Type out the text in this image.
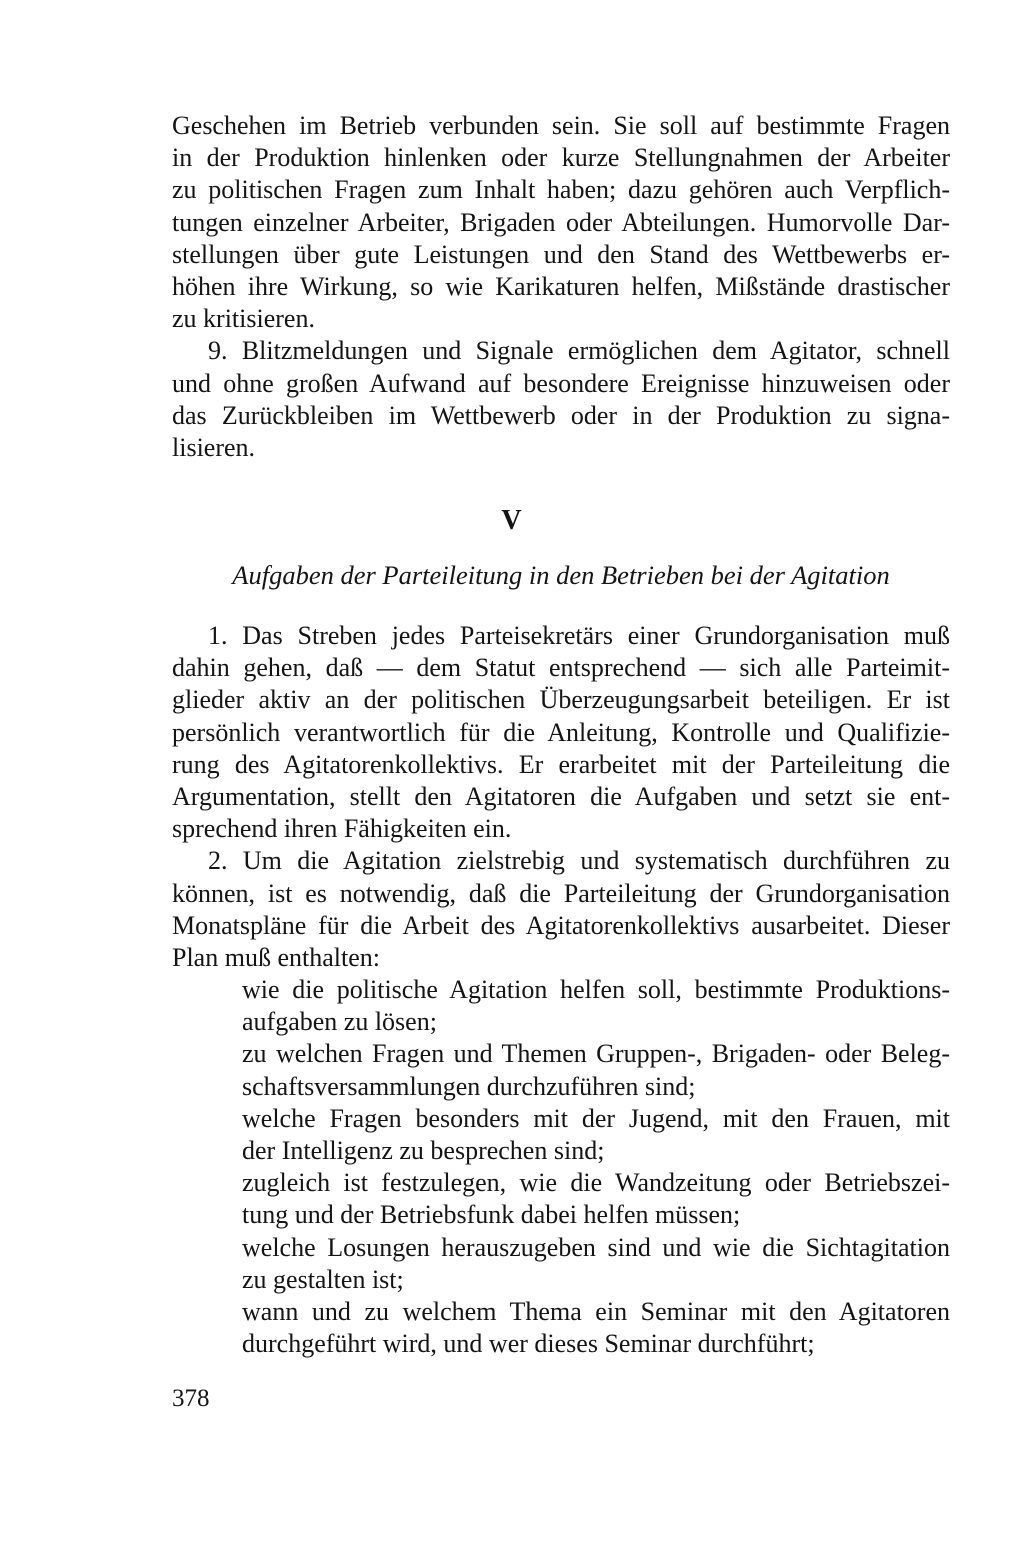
Geschehen im Betrieb verbunden sein. Sie soll auf bestimmte Fragen
in der Produktion hinlenken oder kurze Stellungnahmen der Arbeiter
zu politischen Fragen zum Inhalt haben; dazu gehören auch Verpflich-
tungen einzelner Arbeiter, Brigaden oder Abteilungen. Humorvolle Dar-
stellungen über gute Leistungen und den Stand des Wettbewerbs er-
höhen ihre Wirkung, so wie Karikaturen helfen, Mißstände drastischer
zu kritisieren.
9. Blitzmeldungen und Signale ermöglichen dem Agitator, schnell
und ohne großen Aufwand auf besondere Ereignisse hinzuweisen oder
das Zurückbleiben im Wettbewerb oder in der Produktion zu signa-
lisieren.
V
Aufgaben der Parteileitung in den Betrieben bei der Agitation
1. Das Streben jedes Parteisekretärs einer Grundorganisation muß
dahin gehen, daß — dem Statut entsprechend — sich alle Parteimit-
glieder aktiv an der politischen Überzeugungsarbeit beteiligen. Er ist
persönlich verantwortlich für die Anleitung, Kontrolle und Qualifizie-
rung des Agitatorenkollektivs. Er erarbeitet mit der Parteileitung die
Argumentation, stellt den Agitatoren die Aufgaben und setzt sie ent-
sprechend ihren Fähigkeiten ein.
2. Um die Agitation zielstrebig und systematisch durchführen zu
können, ist es notwendig, daß die Parteileitung der Grundorganisation
Monatspläne für die Arbeit des Agitatorenkollektivs ausarbeitet. Dieser
Plan muß enthalten:
wie die politische Agitation helfen soll, bestimmte Produktions-
aufgaben zu lösen;
zu welchen Fragen und Themen Gruppen-, Brigaden- oder Beleg-
schaftsversammlungen durchzuführen sind;
welche Fragen besonders mit der Jugend, mit den Frauen, mit
der Intelligenz zu besprechen sind;
zugleich ist festzulegen, wie die Wandzeitung oder Betriebszei-
tung und der Betriebsfunk dabei helfen müssen;
welche Losungen herauszugeben sind und wie die Sichtagitation
zu gestalten ist;
wann und zu welchem Thema ein Seminar mit den Agitatoren
durchgeführt wird, und wer dieses Seminar durchführt;
378
